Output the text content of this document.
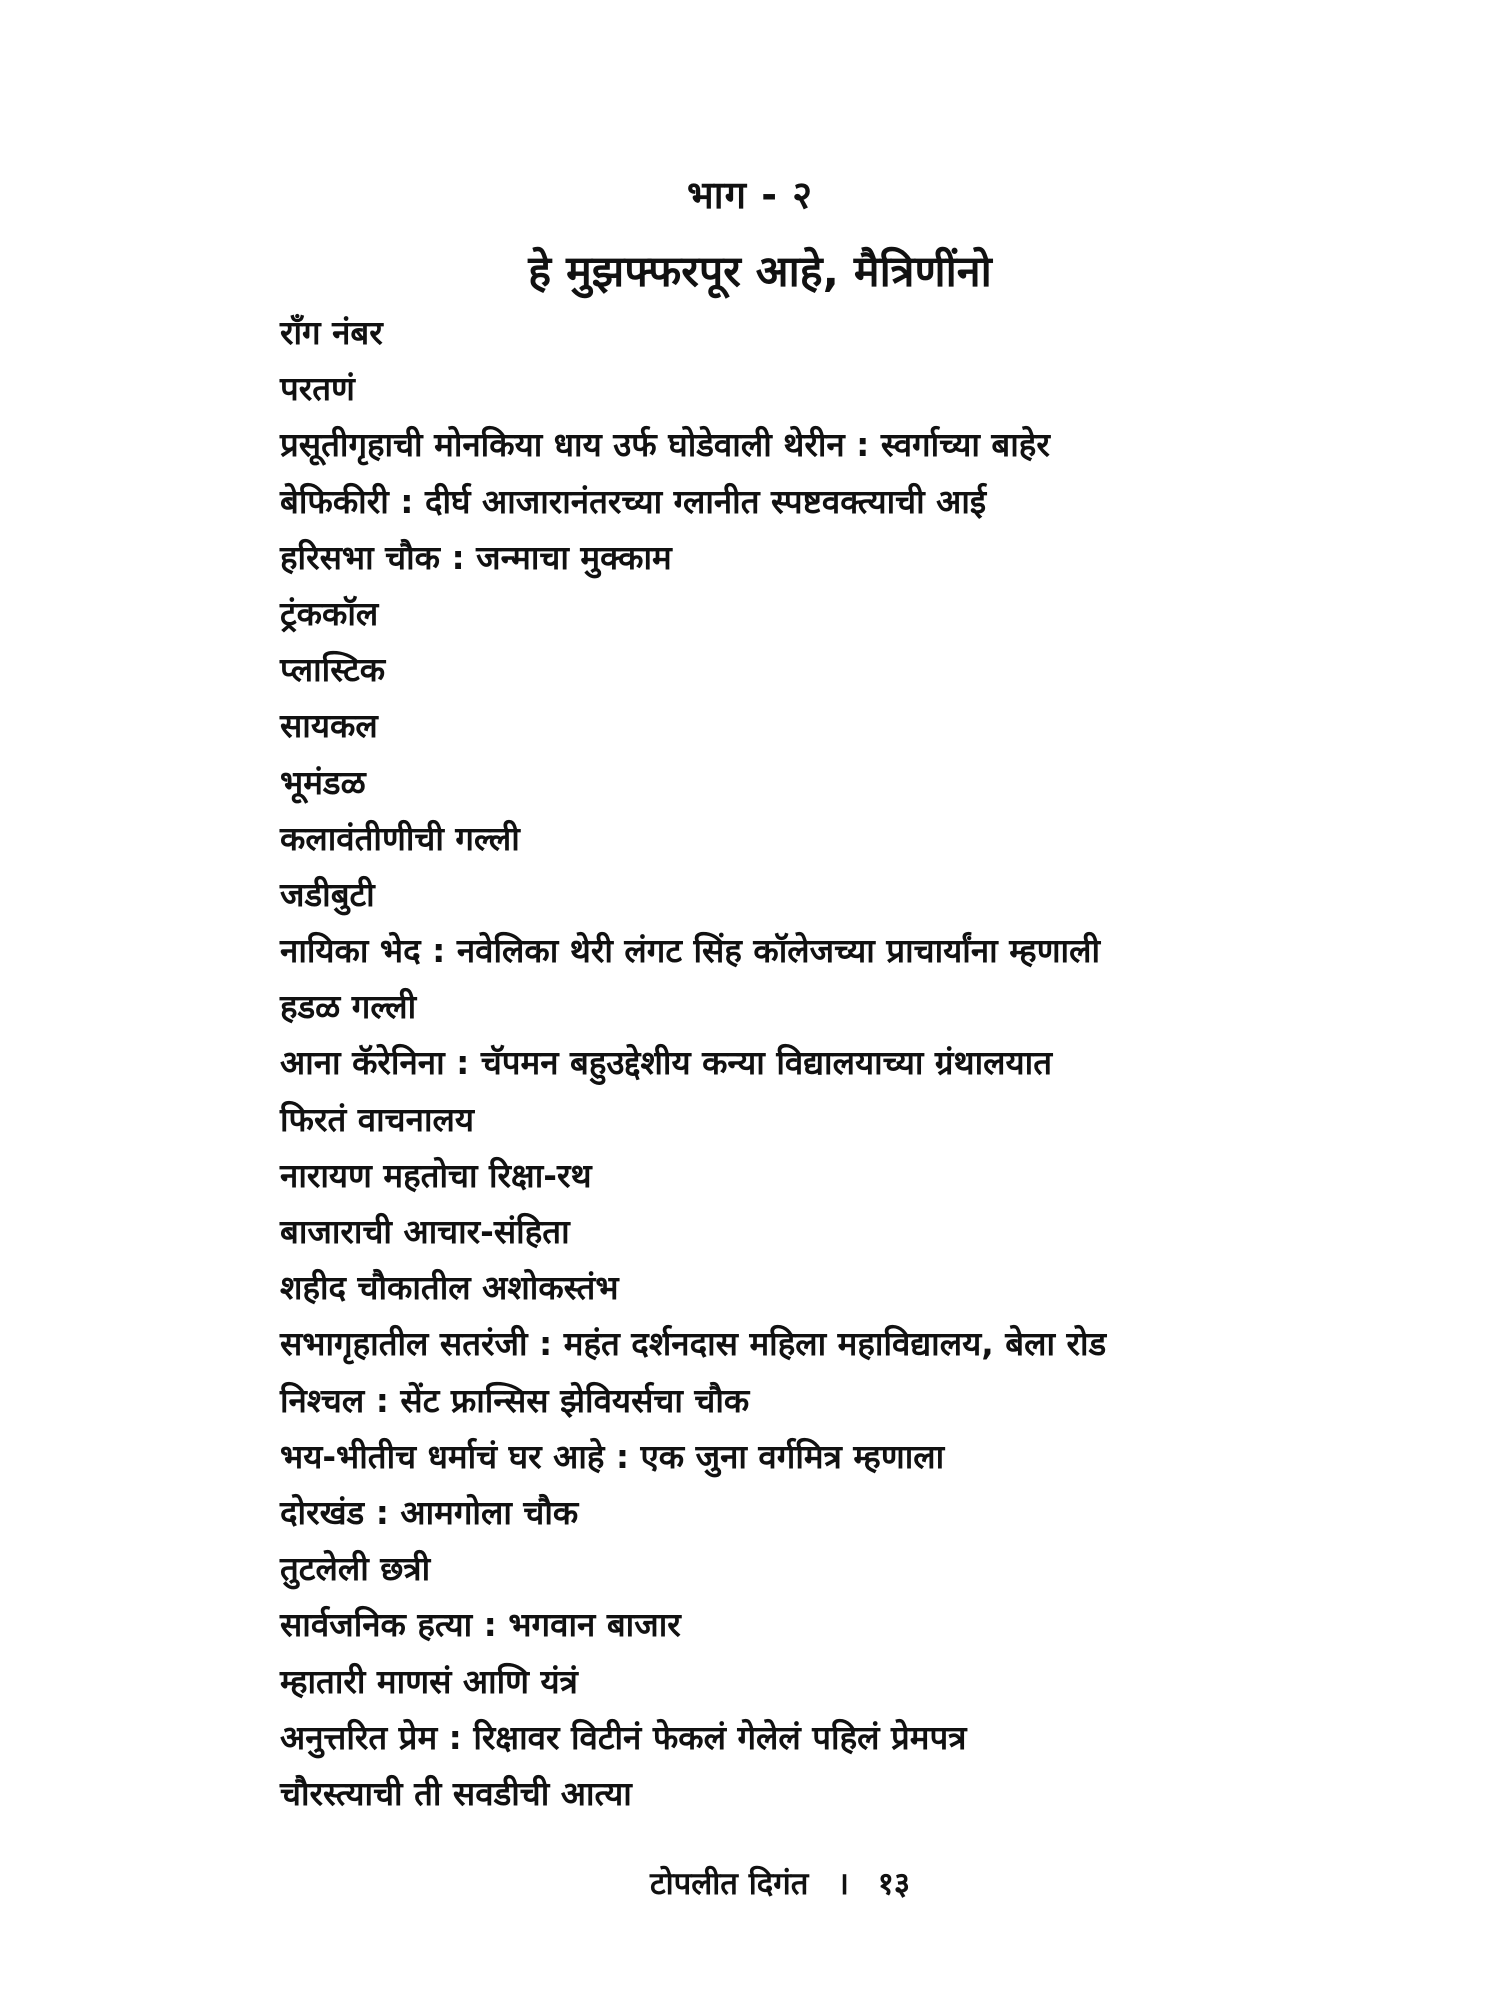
भाग - २
हे मुझफ्फरपूर आहे, मैत्रिणींनो
राँग नंबर
परतणं
प्रसूतीगृहाची मोनकिया धाय उर्फ घोडेवाली थेरीन : स्वर्गाच्या बाहेर
बेफिकीरी : दीर्घ आजारानंतरच्या ग्लानीत स्पष्टवक्त्याची आई
हरिसभा चौक : जन्माचा मुक्काम
ट्रंककॉल
प्लास्टिक
सायकल
भूमंडळ
कलावंतीणीची गल्ली
जडीबुटी
नायिका भेद : नवेलिका थेरी लंगट सिंह कॉलेजच्या प्राचार्यांना म्हणाली
हडळ गल्ली
आना कॅरेनिना : चॅपमन बहुउद्देशीय कन्या विद्यालयाच्या ग्रंथालयात
फिरतं वाचनालय
नारायण महतोचा रिक्षा-रथ
बाजाराची आचार-संहिता
शहीद चौकातील अशोकस्तंभ
सभागृहातील सतरंजी : महंत दर्शनदास महिला महाविद्यालय, बेला रोड
निश्चल : सेंट फ्रान्सिस झेवियर्सचा चौक
भय-भीतीच धर्माचं घर आहे : एक जुना वर्गमित्र म्हणाला
दोरखंड : आमगोला चौक
तुटलेली छत्री
सार्वजनिक हत्या : भगवान बाजार
म्हातारी माणसं आणि यंत्रं
अनुत्तरित प्रेम : रिक्षावर विटीनं फेकलं गेलेलं पहिलं प्रेमपत्र
चौरस्त्याची ती सवडीची आत्या
टोपलीत दिगंत । १३
